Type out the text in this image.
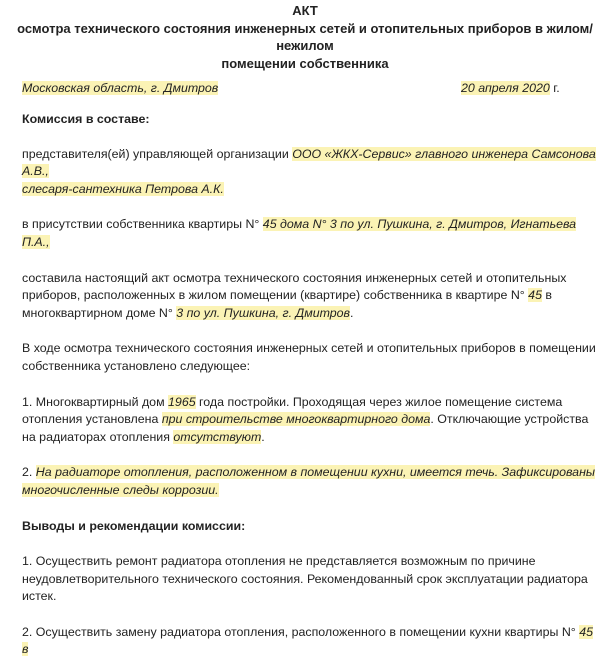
АКТ
осмотра технического состояния инженерных сетей и отопительных приборов в жилом/нежилом
помещении собственника
Московская область, г. Дмитров	20 апреля 2020 г.

Комиссия в составе:

представителя(ей) управляющей организации ООО «ЖКХ-Сервис» главного инженера Самсонова А.В.,
слесаря-сантехника Петрова А.К.

в присутствии собственника квартиры N° 45 дома N° 3 по ул. Пушкина, г. Дмитров, Игнатьева П.А.,

составила настоящий акт осмотра технического состояния инженерных сетей и отопительных приборов, расположенных в жилом помещении (квартире) собственника в квартире N° 45 в многоквартирном доме N° 3 по ул. Пушкина, г. Дмитров.

В ходе осмотра технического состояния инженерных сетей и отопительных приборов в помещении собственника установлено следующее:

1. Многоквартирный дом 1965 года постройки. Проходящая через жилое помещение система отопления установлена при строительстве многоквартирного дома. Отключающие устройства на радиаторах отопления отсутствуют.

2. На радиаторе отопления, расположенном в помещении кухни, имеется течь. Зафиксированы многочисленные следы коррозии.

Выводы и рекомендации комиссии:

1. Осуществить ремонт радиатора отопления не представляется возможным по причине неудовлетворительного технического состояния. Рекомендованный срок эксплуатации радиатора истек.

2. Осуществить замену радиатора отопления, расположенного в помещении кухни квартиры N° 45 в
